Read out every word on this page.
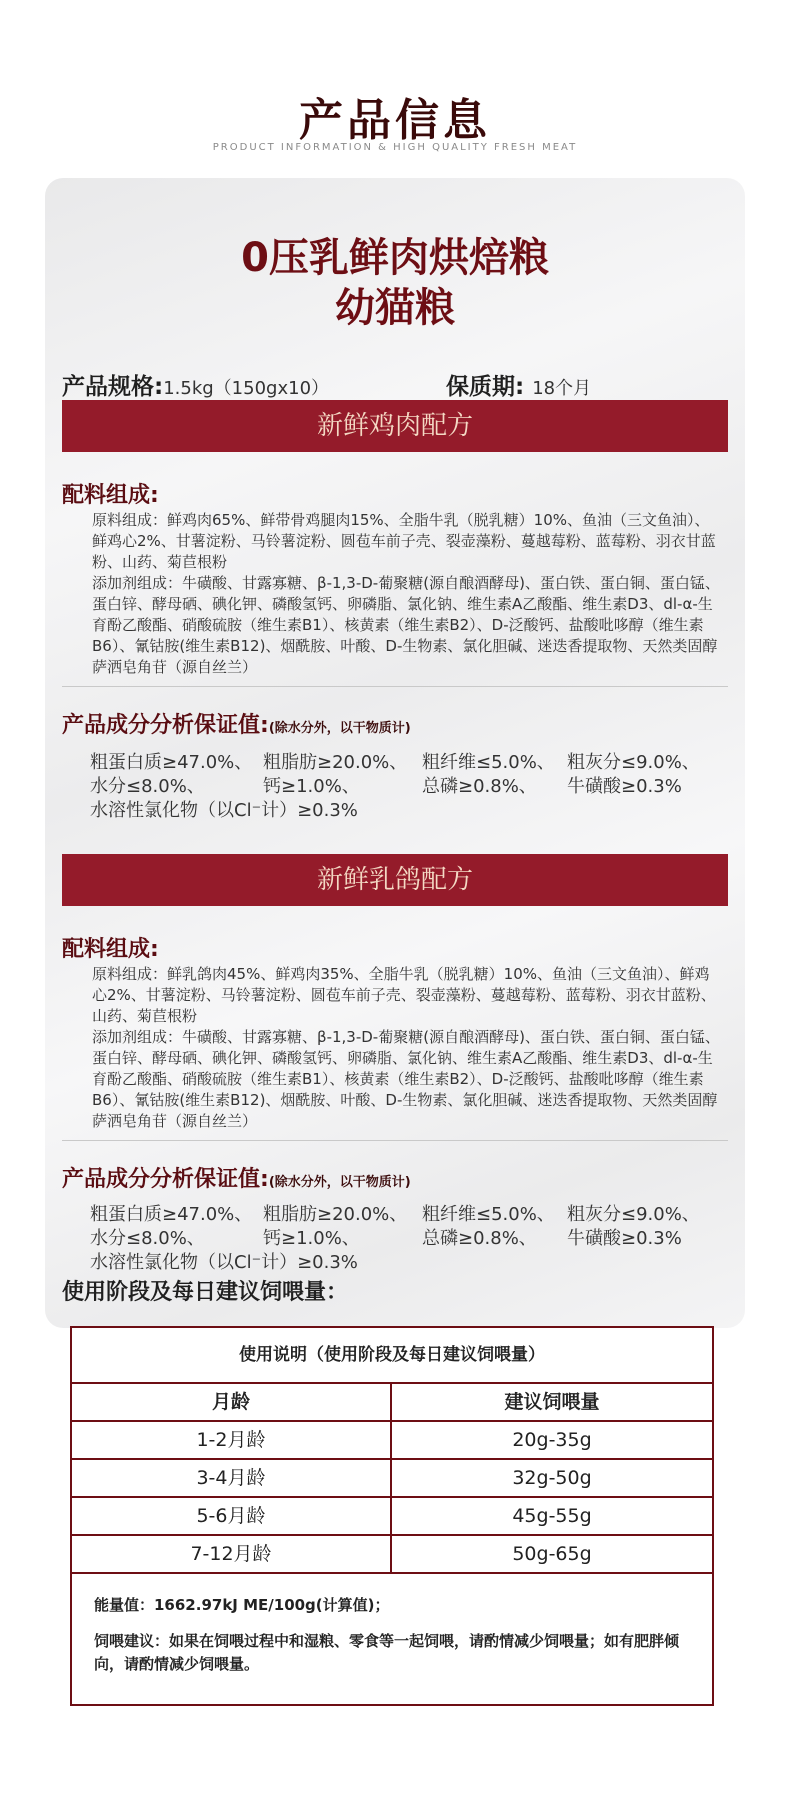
产品信息
PRODUCT INFORMATION & HIGH QUALITY FRESH MEAT
0压乳鲜肉烘焙粮
幼猫粮
产品规格:1.5kg（150gx10）	保质期: 18个月
新鲜鸡肉配方
配料组成:

原料组成：鲜鸡肉65%、鲜带骨鸡腿肉15%、全脂牛乳（脱乳糖）10%、鱼油（三文鱼油）、鲜鸡心2%、甘薯淀粉、马铃薯淀粉、圆苞车前子壳、裂壶藻粉、蔓越莓粉、蓝莓粉、羽衣甘蓝粉、山药、菊苣根粉

添加剂组成：牛磺酸、甘露寡糖、β-1,3-D-葡聚糖(源自酿酒酵母)、蛋白铁、蛋白铜、蛋白锰、蛋白锌、酵母硒、碘化钾、磷酸氢钙、卵磷脂、氯化钠、维生素A乙酸酯、维生素D3、dl-α-生育酚乙酸酯、硝酸硫胺（维生素B1）、核黄素（维生素B2）、D-泛酸钙、盐酸吡哆醇（维生素B6）、氰钴胺(维生素B12)、烟酰胺、叶酸、D-生物素、氯化胆碱、迷迭香提取物、天然类固醇萨洒皂角苷（源自丝兰）

产品成分分析保证值:(除水分外，以干物质计)
粗蛋白质≥47.0%、 粗脂肪≥20.0%、 粗纤维≤5.0%、 粗灰分≤9.0%、
水分≤8.0%、	钙≥1.0%、	总磷≥0.8%、 牛磺酸≥0.3%
水溶性氯化物（以Cl⁻计）≥0.3%
新鲜乳鸽配方
配料组成:

原料组成：鲜乳鸽肉45%、鲜鸡肉35%、全脂牛乳（脱乳糖）10%、鱼油（三文鱼油）、鲜鸡心2%、甘薯淀粉、马铃薯淀粉、圆苞车前子壳、裂壶藻粉、蔓越莓粉、蓝莓粉、羽衣甘蓝粉、山药、菊苣根粉

添加剂组成：牛磺酸、甘露寡糖、β-1,3-D-葡聚糖(源自酿酒酵母)、蛋白铁、蛋白铜、蛋白锰、蛋白锌、酵母硒、碘化钾、磷酸氢钙、卵磷脂、氯化钠、维生素A乙酸酯、维生素D3、dl-α-生育酚乙酸酯、硝酸硫胺（维生素B1）、核黄素（维生素B2）、D-泛酸钙、盐酸吡哆醇（维生素B6）、氰钴胺(维生素B12)、烟酰胺、叶酸、D-生物素、氯化胆碱、迷迭香提取物、天然类固醇萨洒皂角苷（源自丝兰）

产品成分分析保证值:(除水分外，以干物质计)
粗蛋白质≥47.0%、 粗脂肪≥20.0%、 粗纤维≤5.0%、 粗灰分≤9.0%、
水分≤8.0%、	钙≥1.0%、	总磷≥0.8%、 牛磺酸≥0.3%
水溶性氯化物（以Cl⁻计）≥0.3%
使用阶段及每日建议饲喂量：
使用说明（使用阶段及每日建议饲喂量）
月龄	建议饲喂量
1-2月龄	20g-35g
3-4月龄	32g-50g
5-6月龄	45g-55g
7-12月龄	50g-65g
能量值：1662.97kJ ME/100g(计算值)；
饲喂建议：如果在饲喂过程中和湿粮、零食等一起饲喂，请酌情减少饲喂量；如有肥胖倾向，请酌情减少饲喂量。
